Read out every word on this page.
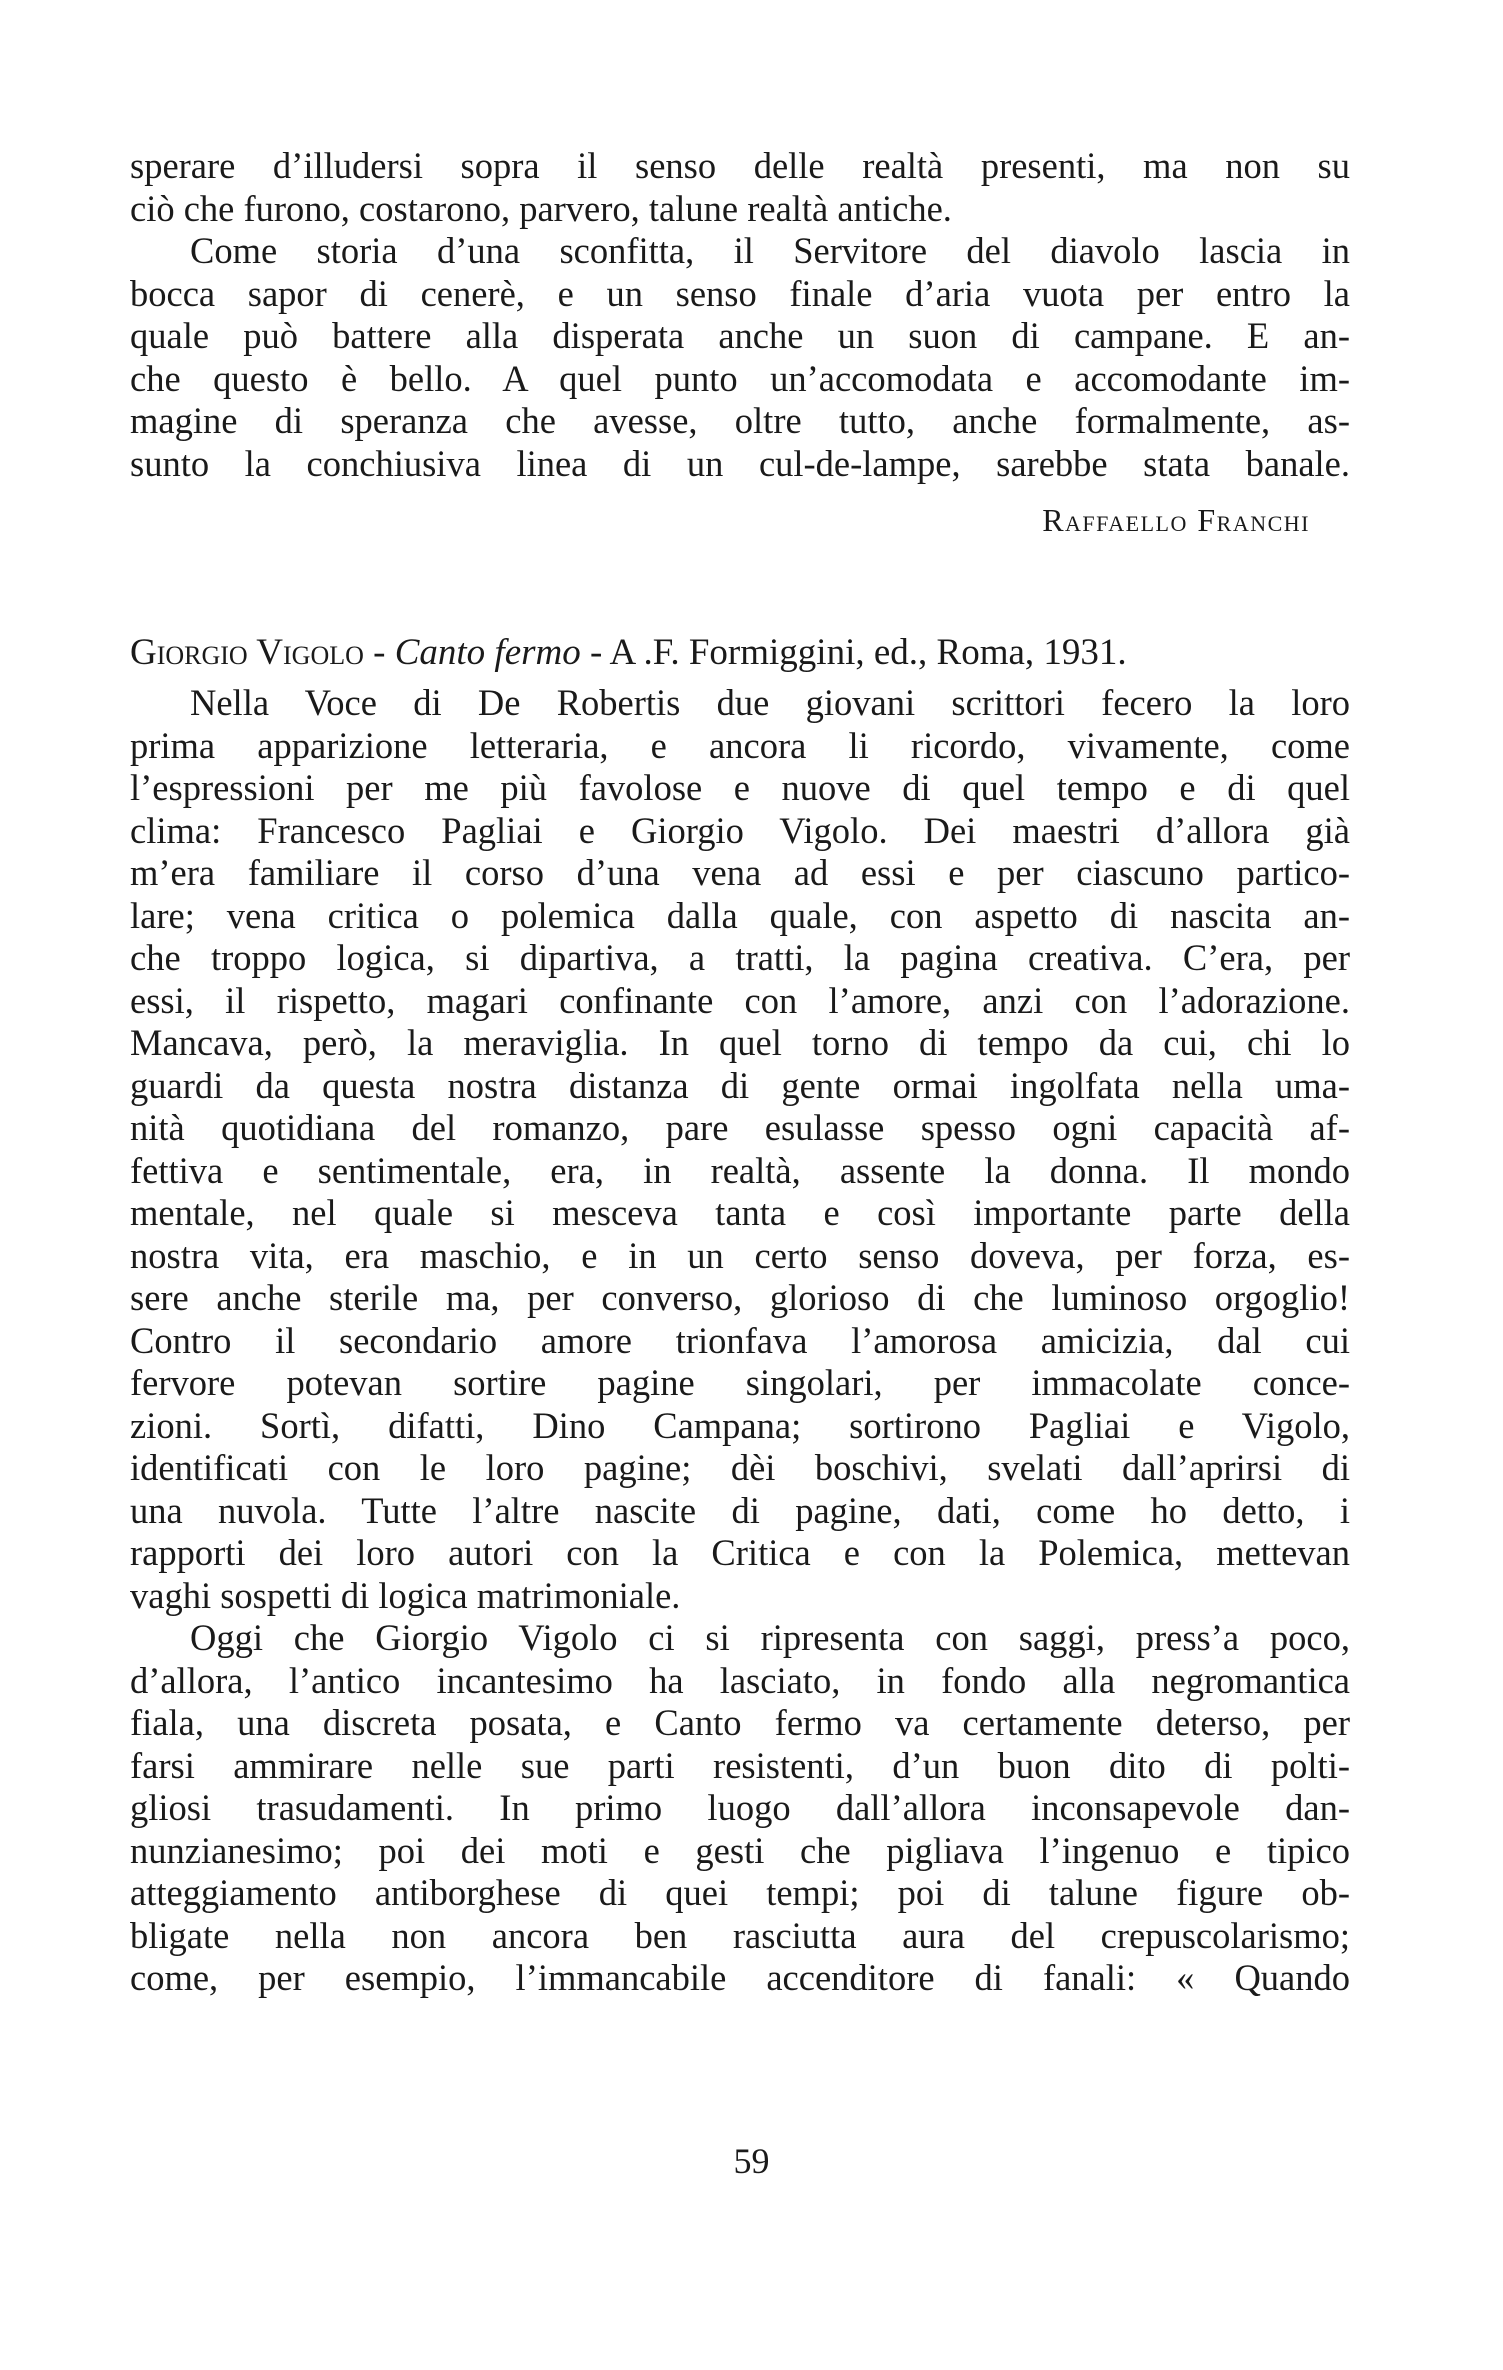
sperare d’illudersi sopra il senso delle realtà presenti, ma non su
ciò che furono, costarono, parvero, talune realtà antiche.
Come storia d’una sconfitta, il Servitore del diavolo lascia in
bocca sapor di cenerè, e un senso finale d’aria vuota per entro la
quale può battere alla disperata anche un suon di campane. E an-
che questo è bello. A quel punto un’accomodata e accomodante im-
magine di speranza che avesse, oltre tutto, anche formalmente, as-
sunto la conchiusiva linea di un cul-de-lampe, sarebbe stata banale.
Raffaello Franchi
Giorgio Vigolo - Canto fermo - A .F. Formiggini, ed., Roma, 1931.
Nella Voce di De Robertis due giovani scrittori fecero la loro
prima apparizione letteraria, e ancora li ricordo, vivamente, come
l’espressioni per me più favolose e nuove di quel tempo e di quel
clima: Francesco Pagliai e Giorgio Vigolo. Dei maestri d’allora già
m’era familiare il corso d’una vena ad essi e per ciascuno partico-
lare; vena critica o polemica dalla quale, con aspetto di nascita an-
che troppo logica, si dipartiva, a tratti, la pagina creativa. C’era, per
essi, il rispetto, magari confinante con l’amore, anzi con l’adorazione.
Mancava, però, la meraviglia. In quel torno di tempo da cui, chi lo
guardi da questa nostra distanza di gente ormai ingolfata nella uma-
nità quotidiana del romanzo, pare esulasse spesso ogni capacità af-
fettiva e sentimentale, era, in realtà, assente la donna. Il mondo
mentale, nel quale si mesceva tanta e così importante parte della
nostra vita, era maschio, e in un certo senso doveva, per forza, es-
sere anche sterile ma, per converso, glorioso di che luminoso orgoglio!
Contro il secondario amore trionfava l’amorosa amicizia, dal cui
fervore potevan sortire pagine singolari, per immacolate conce-
zioni. Sortì, difatti, Dino Campana; sortirono Pagliai e Vigolo,
identificati con le loro pagine; dèi boschivi, svelati dall’aprirsi di
una nuvola. Tutte l’altre nascite di pagine, dati, come ho detto, i
rapporti dei loro autori con la Critica e con la Polemica, mettevan
vaghi sospetti di logica matrimoniale.
Oggi che Giorgio Vigolo ci si ripresenta con saggi, press’a poco,
d’allora, l’antico incantesimo ha lasciato, in fondo alla negromantica
fiala, una discreta posata, e Canto fermo va certamente deterso, per
farsi ammirare nelle sue parti resistenti, d’un buon dito di polti-
gliosi trasudamenti. In primo luogo dall’allora inconsapevole dan-
nunzianesimo; poi dei moti e gesti che pigliava l’ingenuo e tipico
atteggiamento antiborghese di quei tempi; poi di talune figure ob-
bligate nella non ancora ben rasciutta aura del crepuscolarismo;
come, per esempio, l’immancabile accenditore di fanali: « Quando
59
